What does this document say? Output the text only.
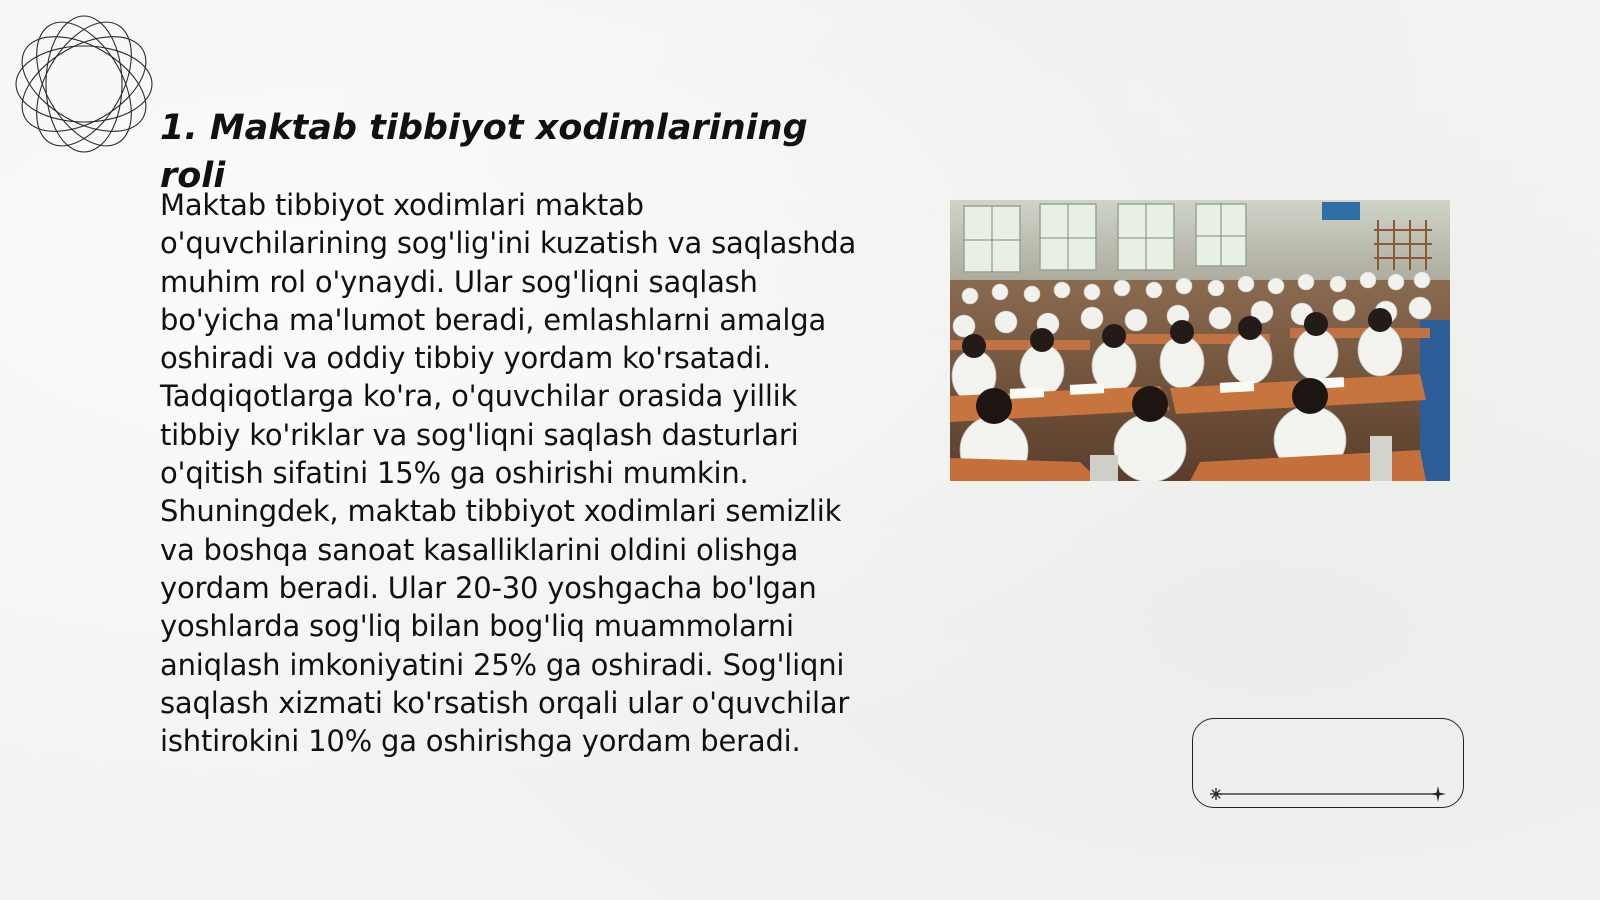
1. Maktab tibbiyot xodimlarining roli

Maktab tibbiyot xodimlari maktab o'quvchilarining sog'lig'ini kuzatish va saqlashda muhim rol o'ynaydi. Ular sog'liqni saqlash bo'yicha ma'lumot beradi, emlashlarni amalga oshiradi va oddiy tibbiy yordam ko'rsatadi. Tadqiqotlarga ko'ra, o'quvchilar orasida yillik tibbiy ko'riklar va sog'liqni saqlash dasturlari o'qitish sifatini 15% ga oshirishi mumkin. Shuningdek, maktab tibbiyot xodimlari semizlik va boshqa sanoat kasalliklarini oldini olishga yordam beradi. Ular 20-30 yoshgacha bo'lgan yoshlarda sog'liq bilan bog'liq muammolarni aniqlash imkoniyatini 25% ga oshiradi. Sog'liqni saqlash xizmati ko'rsatish orqali ular o'quvchilar ishtirokini 10% ga oshirishga yordam beradi.
